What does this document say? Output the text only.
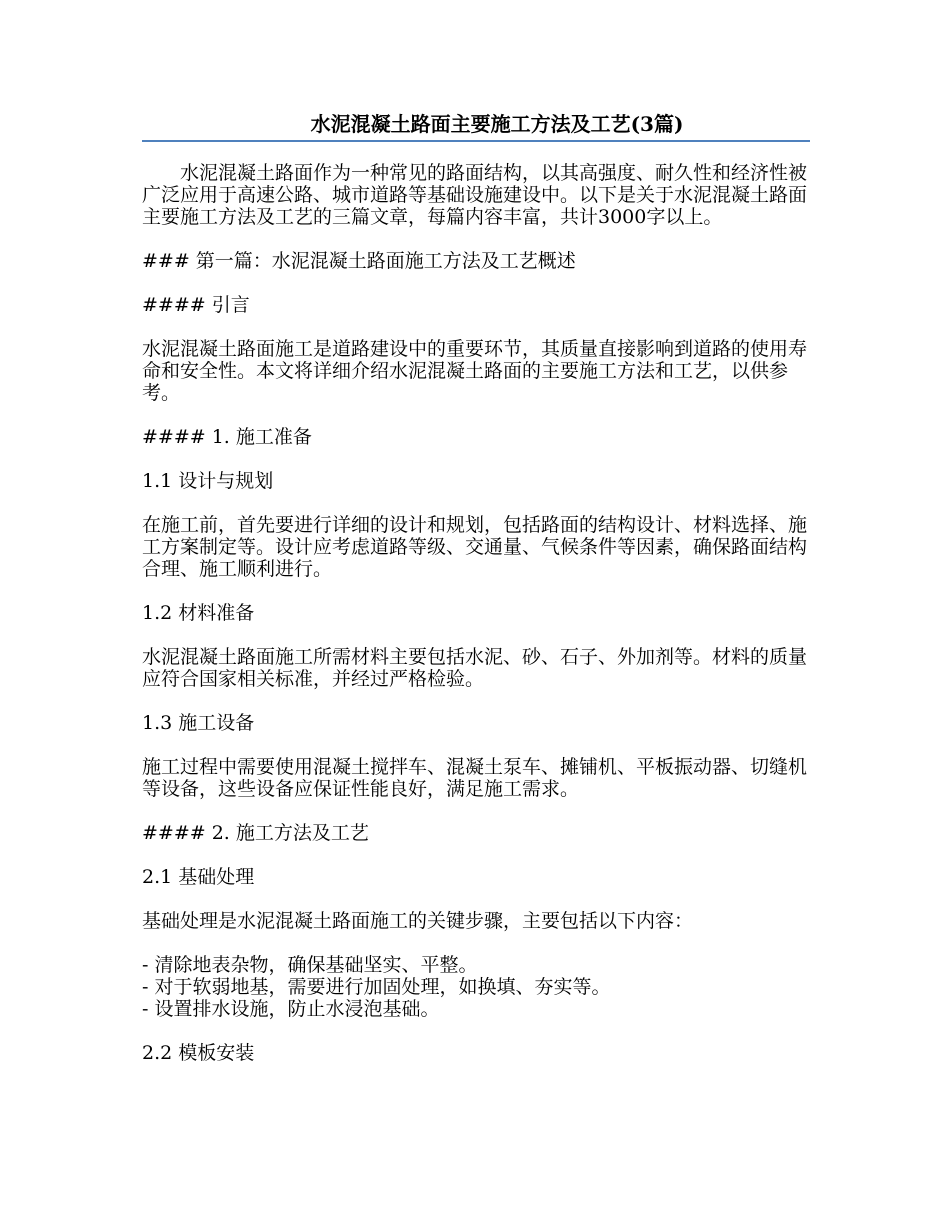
水泥混凝土路面主要施工方法及工艺(3篇)

水泥混凝土路面作为一种常见的路面结构，以其高强度、耐久性和经济性被广泛应用于高速公路、城市道路等基础设施建设中。以下是关于水泥混凝土路面主要施工方法及工艺的三篇文章，每篇内容丰富，共计3000字以上。

### 第一篇：水泥混凝土路面施工方法及工艺概述

#### 引言

水泥混凝土路面施工是道路建设中的重要环节，其质量直接影响到道路的使用寿命和安全性。本文将详细介绍水泥混凝土路面的主要施工方法和工艺，以供参考。

#### 1. 施工准备

1.1 设计与规划

在施工前，首先要进行详细的设计和规划，包括路面的结构设计、材料选择、施工方案制定等。设计应考虑道路等级、交通量、气候条件等因素，确保路面结构合理、施工顺利进行。

1.2 材料准备

水泥混凝土路面施工所需材料主要包括水泥、砂、石子、外加剂等。材料的质量应符合国家相关标准，并经过严格检验。

1.3 施工设备

施工过程中需要使用混凝土搅拌车、混凝土泵车、摊铺机、平板振动器、切缝机等设备，这些设备应保证性能良好，满足施工需求。

#### 2. 施工方法及工艺

2.1 基础处理

基础处理是水泥混凝土路面施工的关键步骤，主要包括以下内容：

- 清除地表杂物，确保基础坚实、平整。

- 对于软弱地基，需要进行加固处理，如换填、夯实等。

- 设置排水设施，防止水浸泡基础。

2.2 模板安装
